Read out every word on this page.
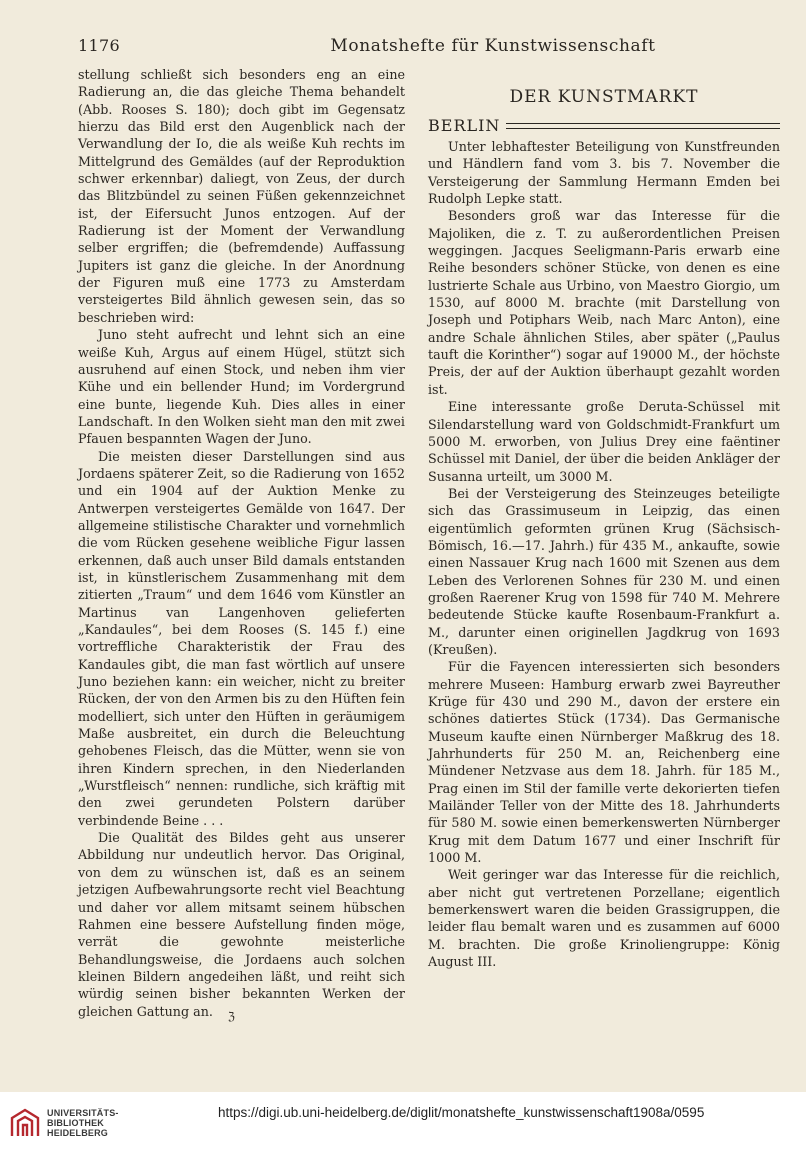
1176	Monatshefte für Kunstwissenschaft

stellung schließt sich besonders eng an eine Radierung an, die das gleiche Thema behandelt (Abb. Rooses S. 180); doch gibt im Gegensatz hierzu das Bild erst den Augenblick nach der Verwandlung der Io, die als weiße Kuh rechts im Mittelgrund des Gemäldes (auf der Reproduktion schwer erkennbar) daliegt, von Zeus, der durch das Blitzbündel zu seinen Füßen gekennzeichnet ist, der Eifersucht Junos entzogen. Auf der Radierung ist der Moment der Verwandlung selber ergriffen; die (befremdende) Auffassung Jupiters ist ganz die gleiche. In der Anordnung der Figuren muß eine 1773 zu Amsterdam versteigertes Bild ähnlich gewesen sein, das so beschrieben wird:

Juno steht aufrecht und lehnt sich an eine weiße Kuh, Argus auf einem Hügel, stützt sich ausruhend auf einen Stock, und neben ihm vier Kühe und ein bellender Hund; im Vordergrund eine bunte, liegende Kuh. Dies alles in einer Landschaft. In den Wolken sieht man den mit zwei Pfauen bespannten Wagen der Juno.

Die meisten dieser Darstellungen sind aus Jordaens späterer Zeit, so die Radierung von 1652 und ein 1904 auf der Auktion Menke zu Antwerpen versteigertes Gemälde von 1647. Der allgemeine stilistische Charakter und vornehmlich die vom Rücken gesehene weibliche Figur lassen erkennen, daß auch unser Bild damals entstanden ist, in künstlerischem Zusammenhang mit dem zitierten „Traum“ und dem 1646 vom Künstler an Martinus van Langenhoven gelieferten „Kandaules“, bei dem Rooses (S. 145 f.) eine vortreffliche Charakteristik der Frau des Kandaules gibt, die man fast wörtlich auf unsere Juno beziehen kann: ein weicher, nicht zu breiter Rücken, der von den Armen bis zu den Hüften fein modelliert, sich unter den Hüften in geräumigem Maße ausbreitet, ein durch die Beleuchtung gehobenes Fleisch, das die Mütter, wenn sie von ihren Kindern sprechen, in den Niederlanden „Wurstfleisch“ nennen: rundliche, sich kräftig mit den zwei gerundeten Polstern darüber verbindende Beine . . .

Die Qualität des Bildes geht aus unserer Abbildung nur undeutlich hervor. Das Original, von dem zu wünschen ist, daß es an seinem jetzigen Aufbewahrungsorte recht viel Beachtung und daher vor allem mitsamt seinem hübschen Rahmen eine bessere Aufstellung finden möge, verrät die gewohnte meisterliche Behandlungsweise, die Jordaens auch solchen kleinen Bildern angedeihen läßt, und reiht sich würdig seinen bisher bekannten Werken der gleichen Gattung an.	ℨ
DER KUNSTMARKT
BERLIN

Unter lebhaftester Beteiligung von Kunstfreunden und Händlern fand vom 3. bis 7. November die Versteigerung der Sammlung Hermann Emden bei Rudolph Lepke statt.

Besonders groß war das Interesse für die Majoliken, die z. T. zu außerordentlichen Preisen weggingen. Jacques Seeligmann-Paris erwarb eine Reihe besonders schöner Stücke, von denen es eine lustrierte Schale aus Urbino, von Maestro Giorgio, um 1530, auf 8000 M. brachte (mit Darstellung von Joseph und Potiphars Weib, nach Marc Anton), eine andre Schale ähnlichen Stiles, aber später („Paulus tauft die Korinther“) sogar auf 19000 M., der höchste Preis, der auf der Auktion überhaupt gezahlt worden ist.

Eine interessante große Deruta-Schüssel mit Silendarstellung ward von Goldschmidt-Frankfurt um 5000 M. erworben, von Julius Drey eine faëntiner Schüssel mit Daniel, der über die beiden Ankläger der Susanna urteilt, um 3000 M.

Bei der Versteigerung des Steinzeuges beteiligte sich das Grassimuseum in Leipzig, das einen eigentümlich geformten grünen Krug (Sächsisch-Bömisch, 16.—17. Jahrh.) für 435 M., ankaufte, sowie einen Nassauer Krug nach 1600 mit Szenen aus dem Leben des Verlorenen Sohnes für 230 M. und einen großen Raerener Krug von 1598 für 740 M. Mehrere bedeutende Stücke kaufte Rosenbaum-Frankfurt a. M., darunter einen originellen Jagdkrug von 1693 (Kreußen).

Für die Fayencen interessierten sich besonders mehrere Museen: Hamburg erwarb zwei Bayreuther Krüge für 430 und 290 M., davon der erstere ein schönes datiertes Stück (1734). Das Germanische Museum kaufte einen Nürnberger Maßkrug des 18. Jahrhunderts für 250 M. an, Reichenberg eine Mündener Netzvase aus dem 18. Jahrh. für 185 M., Prag einen im Stil der famille verte dekorierten tiefen Mailänder Teller von der Mitte des 18. Jahrhunderts für 580 M. sowie einen bemerkenswerten Nürnberger Krug mit dem Datum 1677 und einer Inschrift für 1000 M.

Weit geringer war das Interesse für die reichlich, aber nicht gut vertretenen Porzellane; eigentlich bemerkenswert waren die beiden Grassigruppen, die leider flau bemalt waren und es zusammen auf 6000 M. brachten. Die große Krinoliengruppe: König August III.

UNIVERSITÄTS-
BIBLIOTHEK
HEIDELBERG
https://digi.ub.uni-heidelberg.de/diglit/monatshefte_kunstwissenschaft1908a/0595
